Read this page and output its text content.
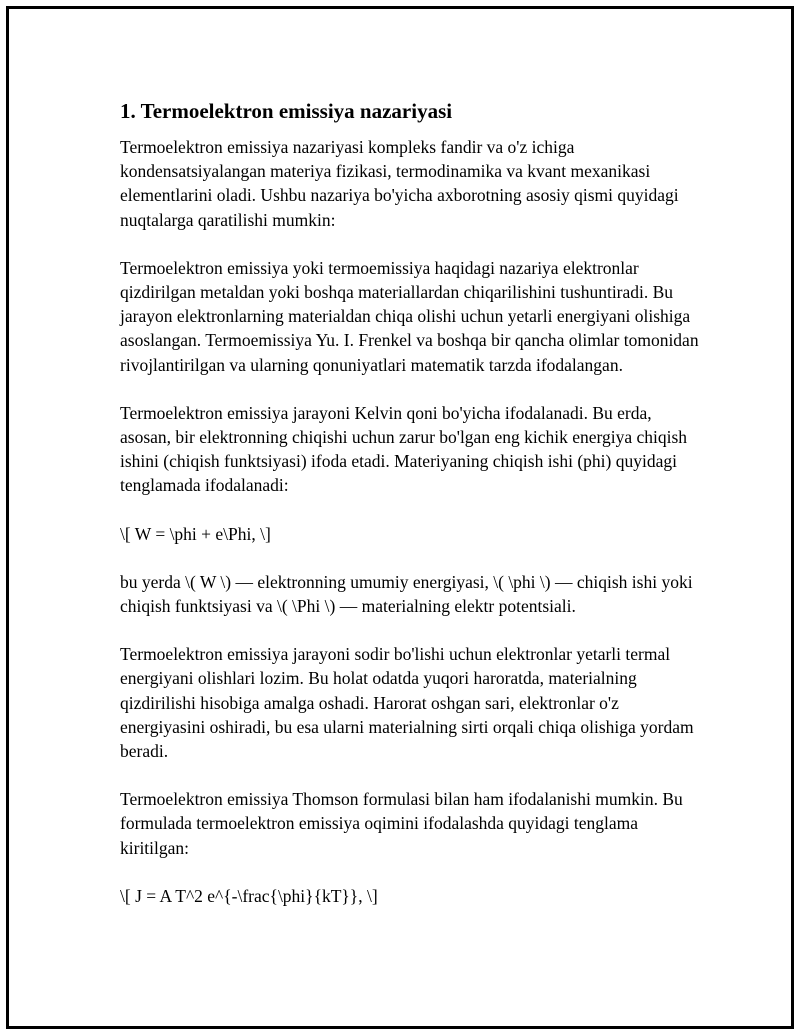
1. Termoelektron emissiya nazariyasi
Termoelektron emissiya nazariyasi kompleks fandir va o'z ichiga kondensatsiyalangan materiya fizikasi, termodinamika va kvant mexanikasi elementlarini oladi. Ushbu nazariya bo'yicha axborotning asosiy qismi quyidagi nuqtalarga qaratilishi mumkin:
Termoelektron emissiya yoki termoemissiya haqidagi nazariya elektronlar qizdirilgan metaldan yoki boshqa materiallardan chiqarilishini tushuntiradi. Bu jarayon elektronlarning materialdan chiqa olishi uchun yetarli energiyani olishiga asoslangan. Termoemissiya Yu. I. Frenkel va boshqa bir qancha olimlar tomonidan rivojlantirilgan va ularning qonuniyatlari matematik tarzda ifodalangan.
Termoelektron emissiya jarayoni Kelvin qoni bo'yicha ifodalanadi. Bu erda, asosan, bir elektronning chiqishi uchun zarur bo'lgan eng kichik energiya chiqish ishini (chiqish funktsiyasi) ifoda etadi. Materiyaning chiqish ishi (phi) quyidagi tenglamada ifodalanadi:
\[ W = \phi + e\Phi, \]
bu yerda \( W \) — elektronning umumiy energiyasi, \( \phi \) — chiqish ishi yoki chiqish funktsiyasi va \( \Phi \) — materialning elektr potentsiali.
Termoelektron emissiya jarayoni sodir bo'lishi uchun elektronlar yetarli termal energiyani olishlari lozim. Bu holat odatda yuqori haroratda, materialning qizdirilishi hisobiga amalga oshadi. Harorat oshgan sari, elektronlar o'z energiyasini oshiradi, bu esa ularni materialning sirti orqali chiqa olishiga yordam beradi.
Termoelektron emissiya Thomson formulasi bilan ham ifodalanishi mumkin. Bu formulada termoelektron emissiya oqimini ifodalashda quyidagi tenglama kiritilgan:
\[ J = A T^2 e^{-\frac{\phi}{kT}}, \]
